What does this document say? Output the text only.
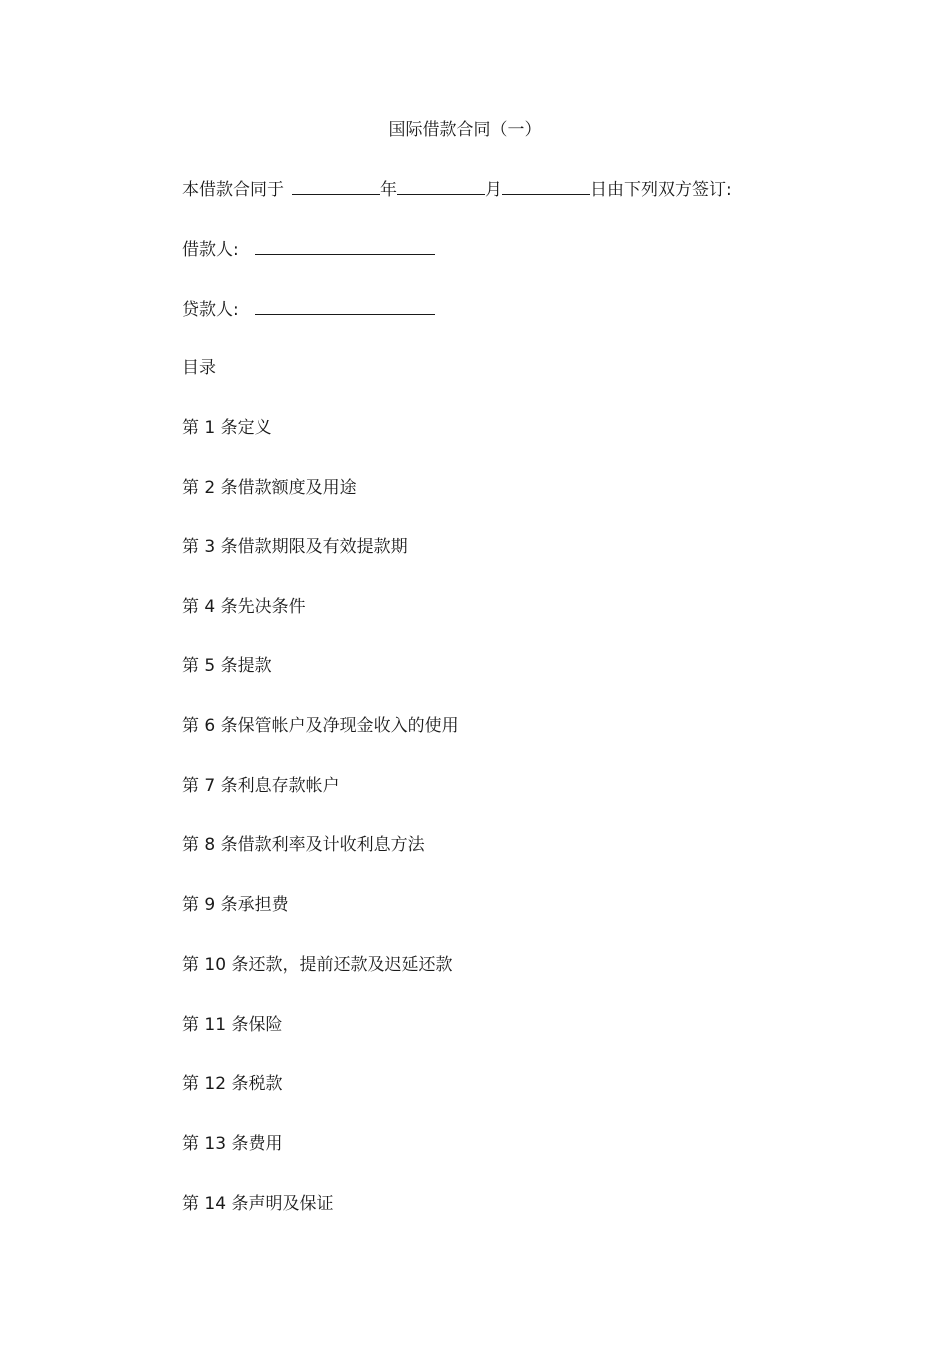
国际借款合同（一）
本借款合同于	年	月	日由下列双方签订:
借款人:
贷款人:
目录
第 1 条定义
第 2 条借款额度及用途
第 3 条借款期限及有效提款期
第 4 条先决条件
第 5 条提款
第 6 条保管帐户及净现金收入的使用
第 7 条利息存款帐户
第 8 条借款利率及计收利息方法
第 9 条承担费
第 10 条还款，提前还款及迟延还款
第 11 条保险
第 12 条税款
第 13 条费用
第 14 条声明及保证
